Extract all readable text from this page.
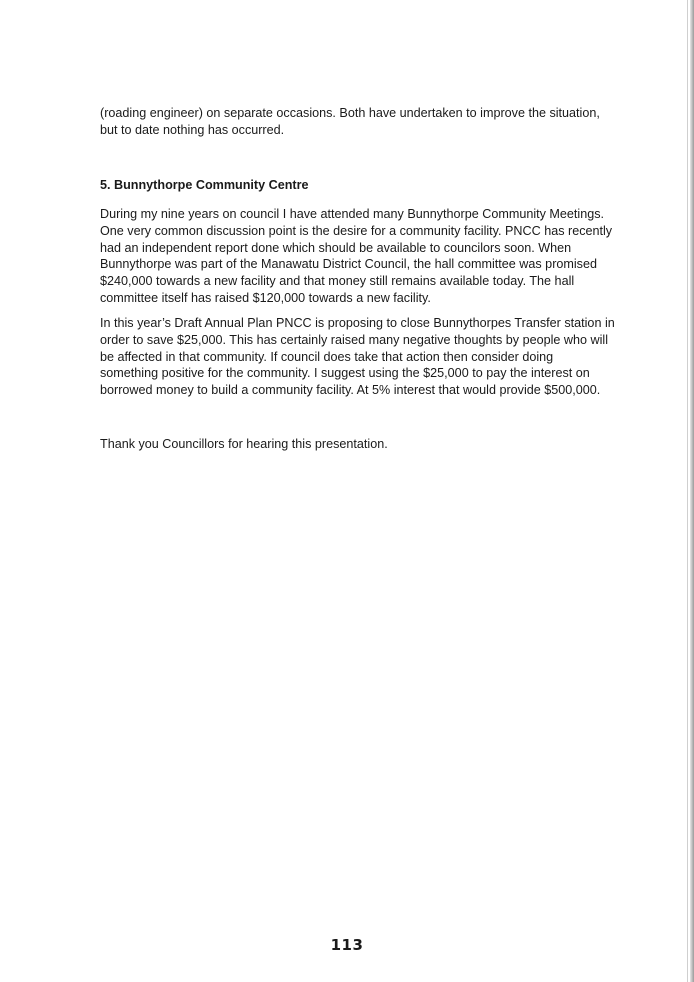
(roading engineer) on separate occasions. Both have undertaken to improve the situation,
but to date nothing has occurred.
5. Bunnythorpe Community Centre
During my nine years on council I have attended many Bunnythorpe Community Meetings.
One very common discussion point is the desire for a community facility. PNCC has recently
had an independent report done which should be available to councilors soon. When
Bunnythorpe was part of the Manawatu District Council, the hall committee was promised
$240,000 towards a new facility and that money still remains available today. The hall
committee itself has raised $120,000 towards a new facility.
In this year’s Draft Annual Plan PNCC is proposing to close Bunnythorpes Transfer station in
order to save $25,000. This has certainly raised many negative thoughts by people who will
be affected in that community. If council does take that action then consider doing
something positive for the community. I suggest using the $25,000 to pay the interest on
borrowed money to build a community facility. At 5% interest that would provide $500,000.
Thank you Councillors for hearing this presentation.
113
